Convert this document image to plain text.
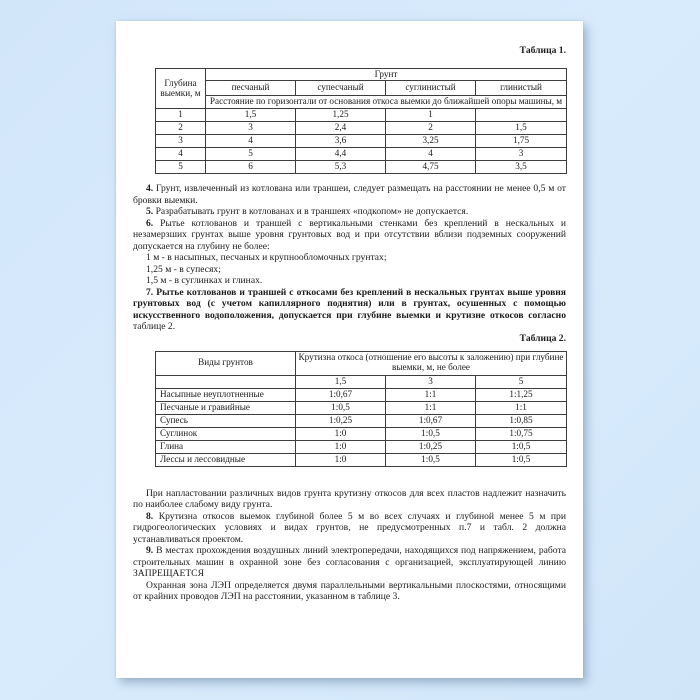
Таблица 1.
Глубина выемки, м	Грунт			
	песчаный	супесчаный	суглинистый	глинистый
	Расстояние по горизонтали от основания откоса выемки до ближайшей опоры машины, м			
1	1,5	1,25	1	
2	3	2,4	2	1,5
3	4	3,6	3,25	1,75
4	5	4,4	4	3
5	6	5,3	4,75	3,5
4. Грунт, извлеченный из котлована или траншеи, следует размещать на расстоянии не менее 0,5 м от бровки выемки.
5. Разрабатывать грунт в котлованах и в траншеях «подкопом» не допускается.
6. Рытье котлованов и траншей с вертикальными стенками без креплений в нескальных и незамерзших грунтах выше уровня грунтовых вод и при отсутствии вблизи подземных сооружений допускается на глубину не более:
1 м - в насыпных, песчаных и крупнообломочных грунтах;
1,25 м - в супесях;
1,5 м - в суглинках и глинах.
7. Рытье котлованов и траншей с откосами без креплений в нескальных грунтах выше уровня грунтовых вод (с учетом капиллярного поднятия) или в грунтах, осушенных с помощью искусственного водоположения, допускается при глубине выемки и крутизне откосов согласно таблице 2.
Таблица 2.
Виды грунтов	Крутизна откоса (отношение его высоты к заложению) при глубине выемки, м, не более		
	1,5	3	5
Насыпные неуплотненные	1:0,67	1:1	1:1,25
Песчаные и гравийные	1:0,5	1:1	1:1
Супесь	1:0,25	1:0,67	1:0,85
Суглинок	1:0	1:0,5	1:0,75
Глина	1:0	1:0,25	1:0,5
Лессы и лессовидные	1:0	1:0,5	1:0,5
При напластовании различных видов грунта крутизну откосов для всех пластов надлежит назначить по наиболее слабому виду грунта.
8. Крутизна откосов выемок глубиной более 5 м во всех случаях и глубиной менее 5 м при гидрогеологических условиях и видах грунтов, не предусмотренных п.7 и табл. 2 должна устанавливаться проектом.
9. В местах прохождения воздушных линий электропередачи, находящихся под напряжением, работа строительных машин в охранной зоне без согласования с организацией, эксплуатирующей линию ЗАПРЕЩАЕТСЯ
Охранная зона ЛЭП определяется двумя параллельными вертикальными плоскостями, относящими от крайних проводов ЛЭП на расстоянии, указанном в таблице 3.
